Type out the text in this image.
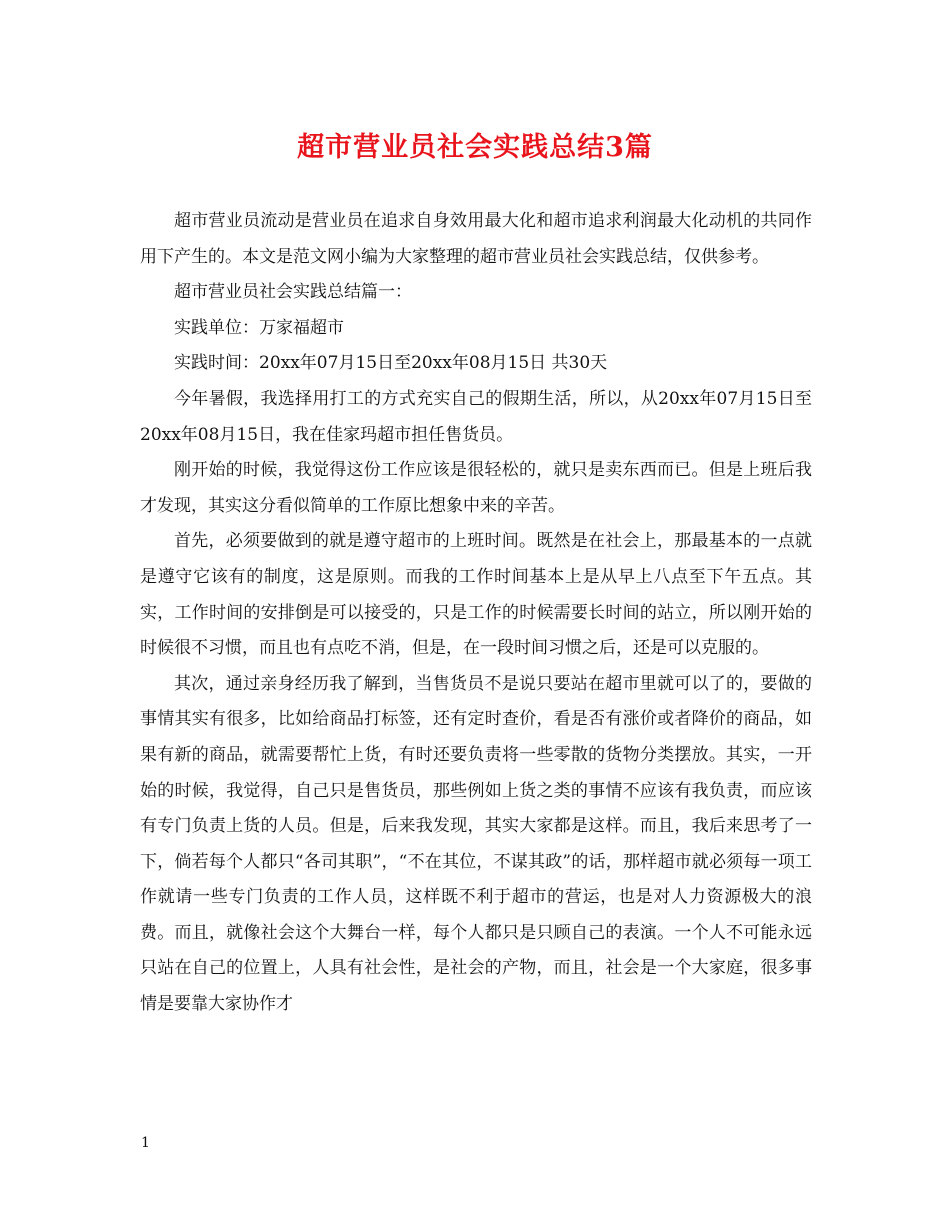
超市营业员社会实践总结3篇

超市营业员流动是营业员在追求自身效用最大化和超市追求利润最大化动机的共同作用下产生的。本文是范文网小编为大家整理的超市营业员社会实践总结，仅供参考。

超市营业员社会实践总结篇一：

实践单位：万家福超市

实践时间：20xx年07月15日至20xx年08月15日 共30天

今年暑假，我选择用打工的方式充实自己的假期生活，所以，从20xx年07月15日至20xx年08月15日，我在佳家玛超市担任售货员。

刚开始的时候，我觉得这份工作应该是很轻松的，就只是卖东西而已。但是上班后我才发现，其实这分看似简单的工作原比想象中来的辛苦。

首先，必须要做到的就是遵守超市的上班时间。既然是在社会上，那最基本的一点就是遵守它该有的制度，这是原则。而我的工作时间基本上是从早上八点至下午五点。其实，工作时间的安排倒是可以接受的，只是工作的时候需要长时间的站立，所以刚开始的时候很不习惯，而且也有点吃不消，但是，在一段时间习惯之后，还是可以克服的。

其次，通过亲身经历我了解到，当售货员不是说只要站在超市里就可以了的，要做的事情其实有很多，比如给商品打标签，还有定时查价，看是否有涨价或者降价的商品，如果有新的商品，就需要帮忙上货，有时还要负责将一些零散的货物分类摆放。其实，一开始的时候，我觉得，自己只是售货员，那些例如上货之类的事情不应该有我负责，而应该有专门负责上货的人员。但是，后来我发现，其实大家都是这样。而且，我后来思考了一下，倘若每个人都只“各司其职”，“不在其位，不谋其政”的话，那样超市就必须每一项工作就请一些专门负责的工作人员，这样既不利于超市的营运，也是对人力资源极大的浪费。而且，就像社会这个大舞台一样，每个人都只是只顾自己的表演。一个人不可能永远只站在自己的位置上，人具有社会性，是社会的产物，而且，社会是一个大家庭，很多事情是要靠大家协作才

1
